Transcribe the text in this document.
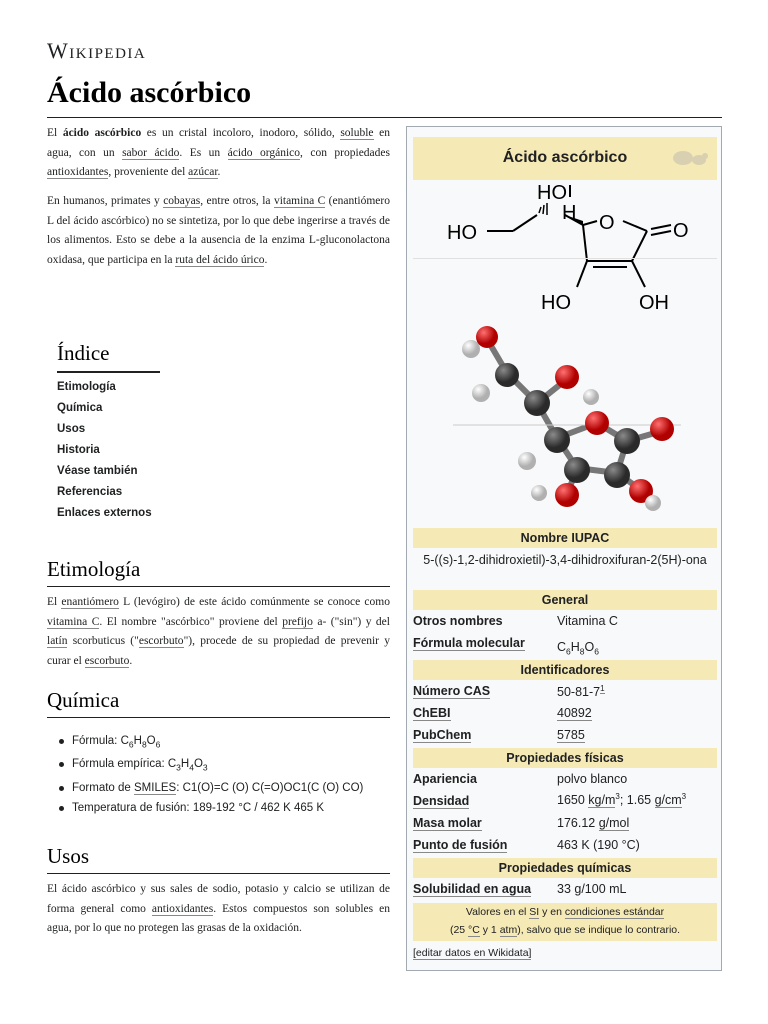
Wikipedia
Ácido ascórbico
El ácido ascórbico es un cristal incoloro, inodoro, sólido, soluble en agua, con un sabor ácido. Es un ácido orgánico, con propiedades antioxidantes, proveniente del azúcar.
En humanos, primates y cobayas, entre otros, la vitamina C (enantiómero L del ácido ascórbico) no se sintetiza, por lo que debe ingerirse a través de los alimentos. Esto se debe a la ausencia de la enzima L-gluconolactona oxidasa, que participa en la ruta del ácido úrico.
Índice
Etimología
Química
Usos
Historia
Véase también
Referencias
Enlaces externos
Etimología
El enantiómero L (levógiro) de este ácido comúnmente se conoce como vitamina C. El nombre "ascórbico" proviene del prefijo a- ("sin") y del latín scorbuticus ("escorbuto"), procede de su propiedad de prevenir y curar el escorbuto.
Química
Fórmula: $C_6H_8O_6$
Fórmula empírica: $C_3H_4O_3$
Formato de SMILES: C1(O)=C (O) C(=O)OC1(C (O) CO)
Temperatura de fusión: 189-192 °C / 462 K 465 K
Usos
El ácido ascórbico y sus sales de sodio, potasio y calcio se utilizan de forma general como antioxidantes. Estos compuestos son solubles en agua, por lo que no protegen las grasas de la oxidación.
Ácido ascórbico
HO
H O
HO	O
HO	OH
Nombre IUPAC
5-((s)-1,2-dihidroxietil)-3,4-dihidroxifuran-2(5H)-ona
General
Otros nombres	Vitamina C
Fórmula molecular	$C_6H_8O_6$
Identificadores
Número CAS	$50-81-7^1$
ChEBI	40892
PubChem	5785
Propiedades físicas
Apariencia	polvo blanco
Densidad	1650 $kg/m^3$; 1.65 $g/cm^3$
Masa molar	176.12 g/mol
Punto de fusión	463 K (190 °C)
Propiedades químicas
Solubilidad en agua 33 g/100 mL
Valores en el SI y en condiciones estándar
(25 °C y 1 atm), salvo que se indique lo contrario.
[editar datos en Wikidata]
